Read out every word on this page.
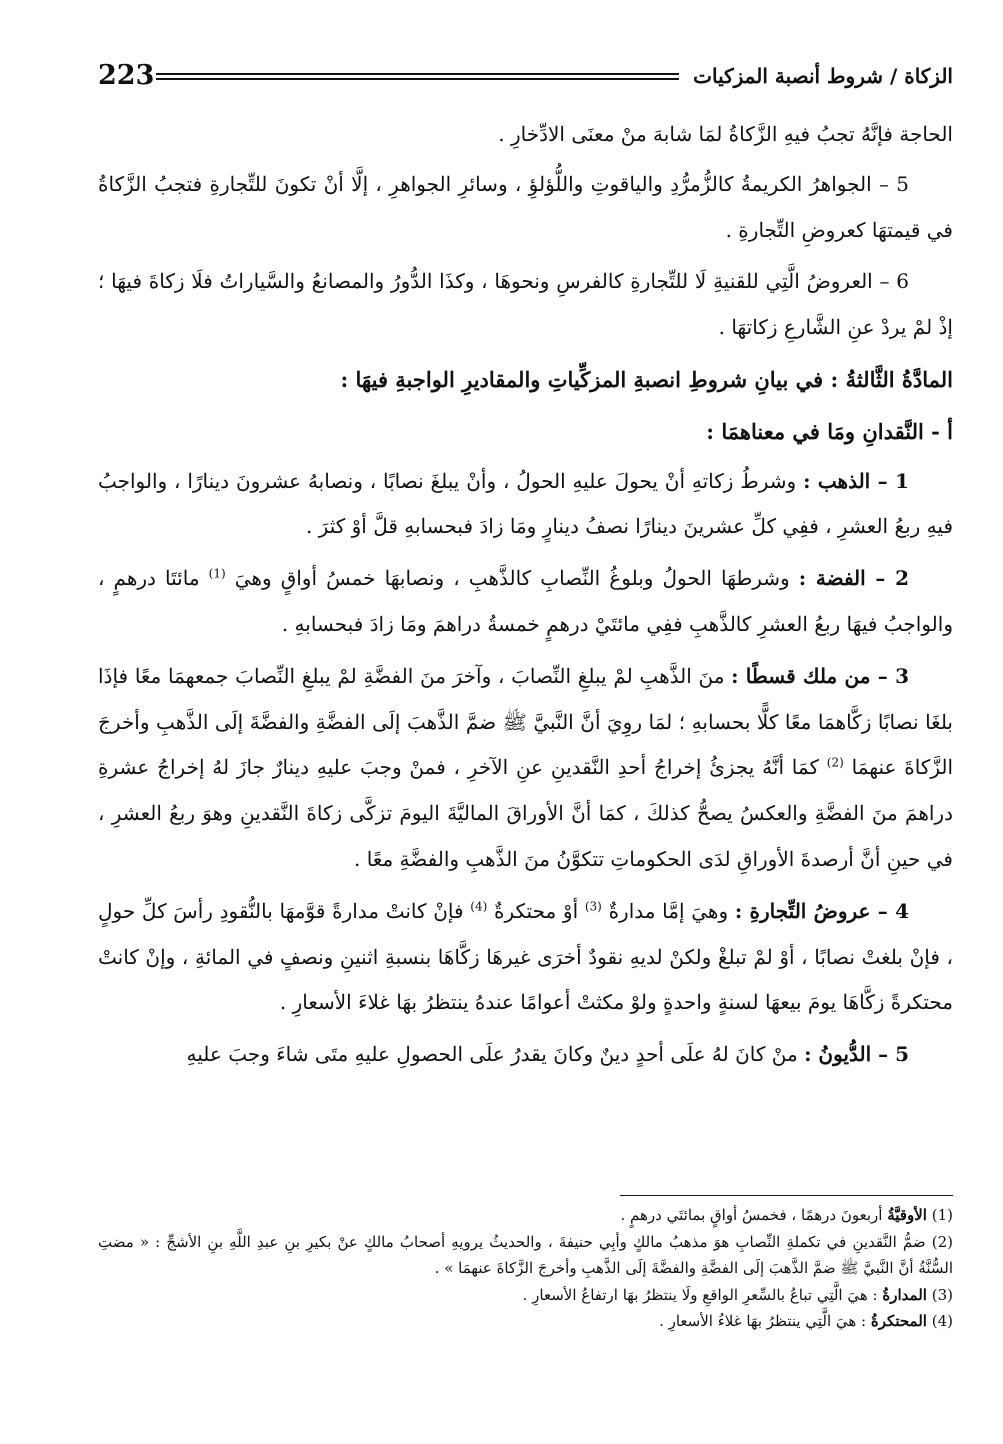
223	الزكاة / شروط أنصبة المزكيات

الحاجة فإنَّهُ تجبُ فيهِ الزَّكاةُ لمَا شابهَ منْ معنَى الادِّخارِ .

5 – الجواهرُ الكريمةُ كالزُّمرُّدِ والياقوتِ واللُّؤلؤِ ، وسائرِ الجواهرِ ، إلَّا أنْ تكونَ للتِّجارةِ فتجبُ الزَّكاةُ في قيمتهَا كعروضِ التِّجارةِ .

6 – العروضُ الَّتِي للقنيةِ لَا للتِّجارةِ كالفرسِ ونحوهَا ، وكذَا الدُّورُ والمصانعُ والسَّياراتُ فلَا زكاةَ فيهَا ؛ إذْ لمْ يردْ عنِ الشَّارعِ زكاتهَا .

المادَّةُ الثَّالثةُ : في بيانِ شروطِ انصبةِ المزكِّياتِ والمقاديرِ الواجبةِ فيهَا :

أ - النَّقدانِ ومَا في معناهمَا :

1 – الذهب : وشرطُ زكاتهِ أنْ يحولَ عليهِ الحولُ ، وأنْ يبلغَ نصابًا ، ونصابهُ عشرونَ دينارًا ، والواجبُ فيهِ ربعُ العشرِ ، ففِي كلِّ عشرينَ دينارًا نصفُ دينارٍ ومَا زادَ فبحسابهِ قلَّ أوْ كثرَ .

2 – الفضة : وشرطهَا الحولُ وبلوغُ النِّصابِ كالذَّهبِ ، ونصابهَا خمسُ أواقٍ وهيَ $^{(1)}$ مائتَا درهمٍ ، والواجبُ فيهَا ربعُ العشرِ كالذَّهبِ ففِي مائتَيْ درهمٍ خمسةُ دراهمَ ومَا زادَ فبحسابهِ .

3 – من ملك قسطًا : منَ الذَّهبِ لمْ يبلغِ النِّصابَ ، وآخرَ منَ الفضَّةِ لمْ يبلغِ النِّصابَ جمعهمَا معًا فإذَا بلغَا نصابًا زكَّاهمَا معًا كلًّا بحسابهِ ؛ لمَا روِيَ أنَّ النَّبيَّ ﷺ ضمَّ الذَّهبَ إلَى الفضَّةِ والفضَّةَ إلَى الذَّهبِ وأخرجَ الزَّكاةَ عنهمَا $^{(2)}$ كمَا أنَّهُ يجزئُ إخراجُ أحدِ النَّقدينِ عنِ الآخرِ ، فمنْ وجبَ عليهِ دينارٌ جازَ لهُ إخراجُ عشرةِ دراهمَ منَ الفضَّةِ والعكسُ يصحُّ كذلكَ ، كمَا أنَّ الأوراقَ الماليَّةَ اليومَ تزكَّى زكاةَ النَّقدينِ وهوَ ربعُ العشرِ ، في حينِ أنَّ أرصدةَ الأوراقِ لدَى الحكوماتِ تتكوَّنُ منَ الذَّهبِ والفضَّةِ معًا .

4 – عروضُ التِّجارةِ : وهيَ إمَّا مدارةٌ $^{(3)}$ أوْ محتكرةٌ $^{(4)}$ فإنْ كانتْ مدارةً قوَّمهَا بالنُّقودِ رأسَ كلِّ حولٍ ، فإنْ بلغتْ نصابًا ، أوْ لمْ تبلغْ ولكنْ لديهِ نقودٌ أخرَى غيرهَا زكَّاهَا بنسبةِ اثنينِ ونصفٍ في المائةِ ، وإنْ كانتْ محتكرةً زكَّاهَا يومَ بيعهَا لسنةٍ واحدةٍ ولوْ مكثتْ أعوامًا عندهُ ينتظرُ بهَا غلاءَ الأسعارِ .

5 – الدُّيونُ : منْ كانَ لهُ علَى أحدٍ دينٌ وكانَ يقدرُ علَى الحصولِ عليهِ متَى شاءَ وجبَ عليهِ

(1) الأوقيَّةُ أربعونَ درهمًا ، فخمسُ أواقٍ بمائتَي درهمٍ .

(2) ضمُّ النَّقدينِ في تكملةِ النِّصابِ هوَ مذهبُ مالكٍ وأبِي حنيفةَ ، والحديثُ يرويهِ أصحابُ مالكٍ عنْ بكيرِ بنِ عبدِ اللَّهِ بنِ الأشجِّ : « مضتِ السُّنَّةُ أنَّ النَّبيَّ ﷺ ضمَّ الذَّهبَ إلَى الفضَّةِ والفضَّةَ إلَى الذَّهبِ وأخرجَ الزَّكاةَ عنهمَا » .

(3) المدارةُ : هيَ الَّتِي تباعُ بالسِّعرِ الواقعِ ولَا ينتظرُ بهَا ارتفاعُ الأسعارِ .

(4) المحتكرةُ : هيَ الَّتِي ينتظرُ بهَا غلاءُ الأسعارِ .
